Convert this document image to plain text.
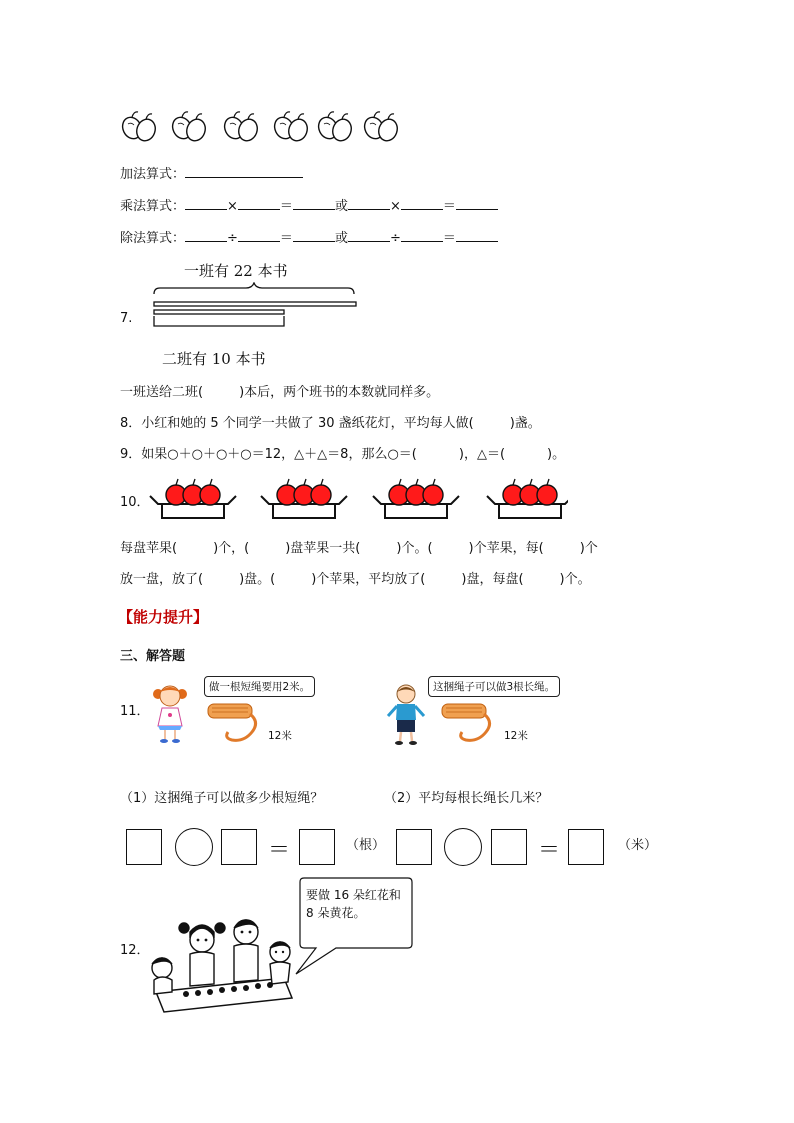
加法算式：
乘法算式：	×	＝	或	×	＝
除法算式：	÷	＝	或	÷	＝
一班有 22 本书
7.
二班有 10 本书
一班送给二班(	)本后，两个班书的本数就同样多。
8．小红和她的 5 个同学一共做了 30 盏纸花灯，平均每人做(	)盏。
9．如果○＋○＋○＋○＝12，△＋△＝8，那么○＝(	)，△＝(	)。
10．
每盘苹果(	)个，(	)盘苹果一共(	)个。(	)个苹果，每(	)个
放一盘，放了(	)盘。(	)个苹果，平均放了(	)盘，每盘(	)个。
【能力提升】
三、解答题
11．
做一根短绳要用2米。
12米
这捆绳子可以做3根长绳。
12米
（1）这捆绳子可以做多少根短绳？	（2）平均每根长绳长几米？
＝	（根）	＝	（米）
12．
要做 16 朵红花和
8 朵黄花。
